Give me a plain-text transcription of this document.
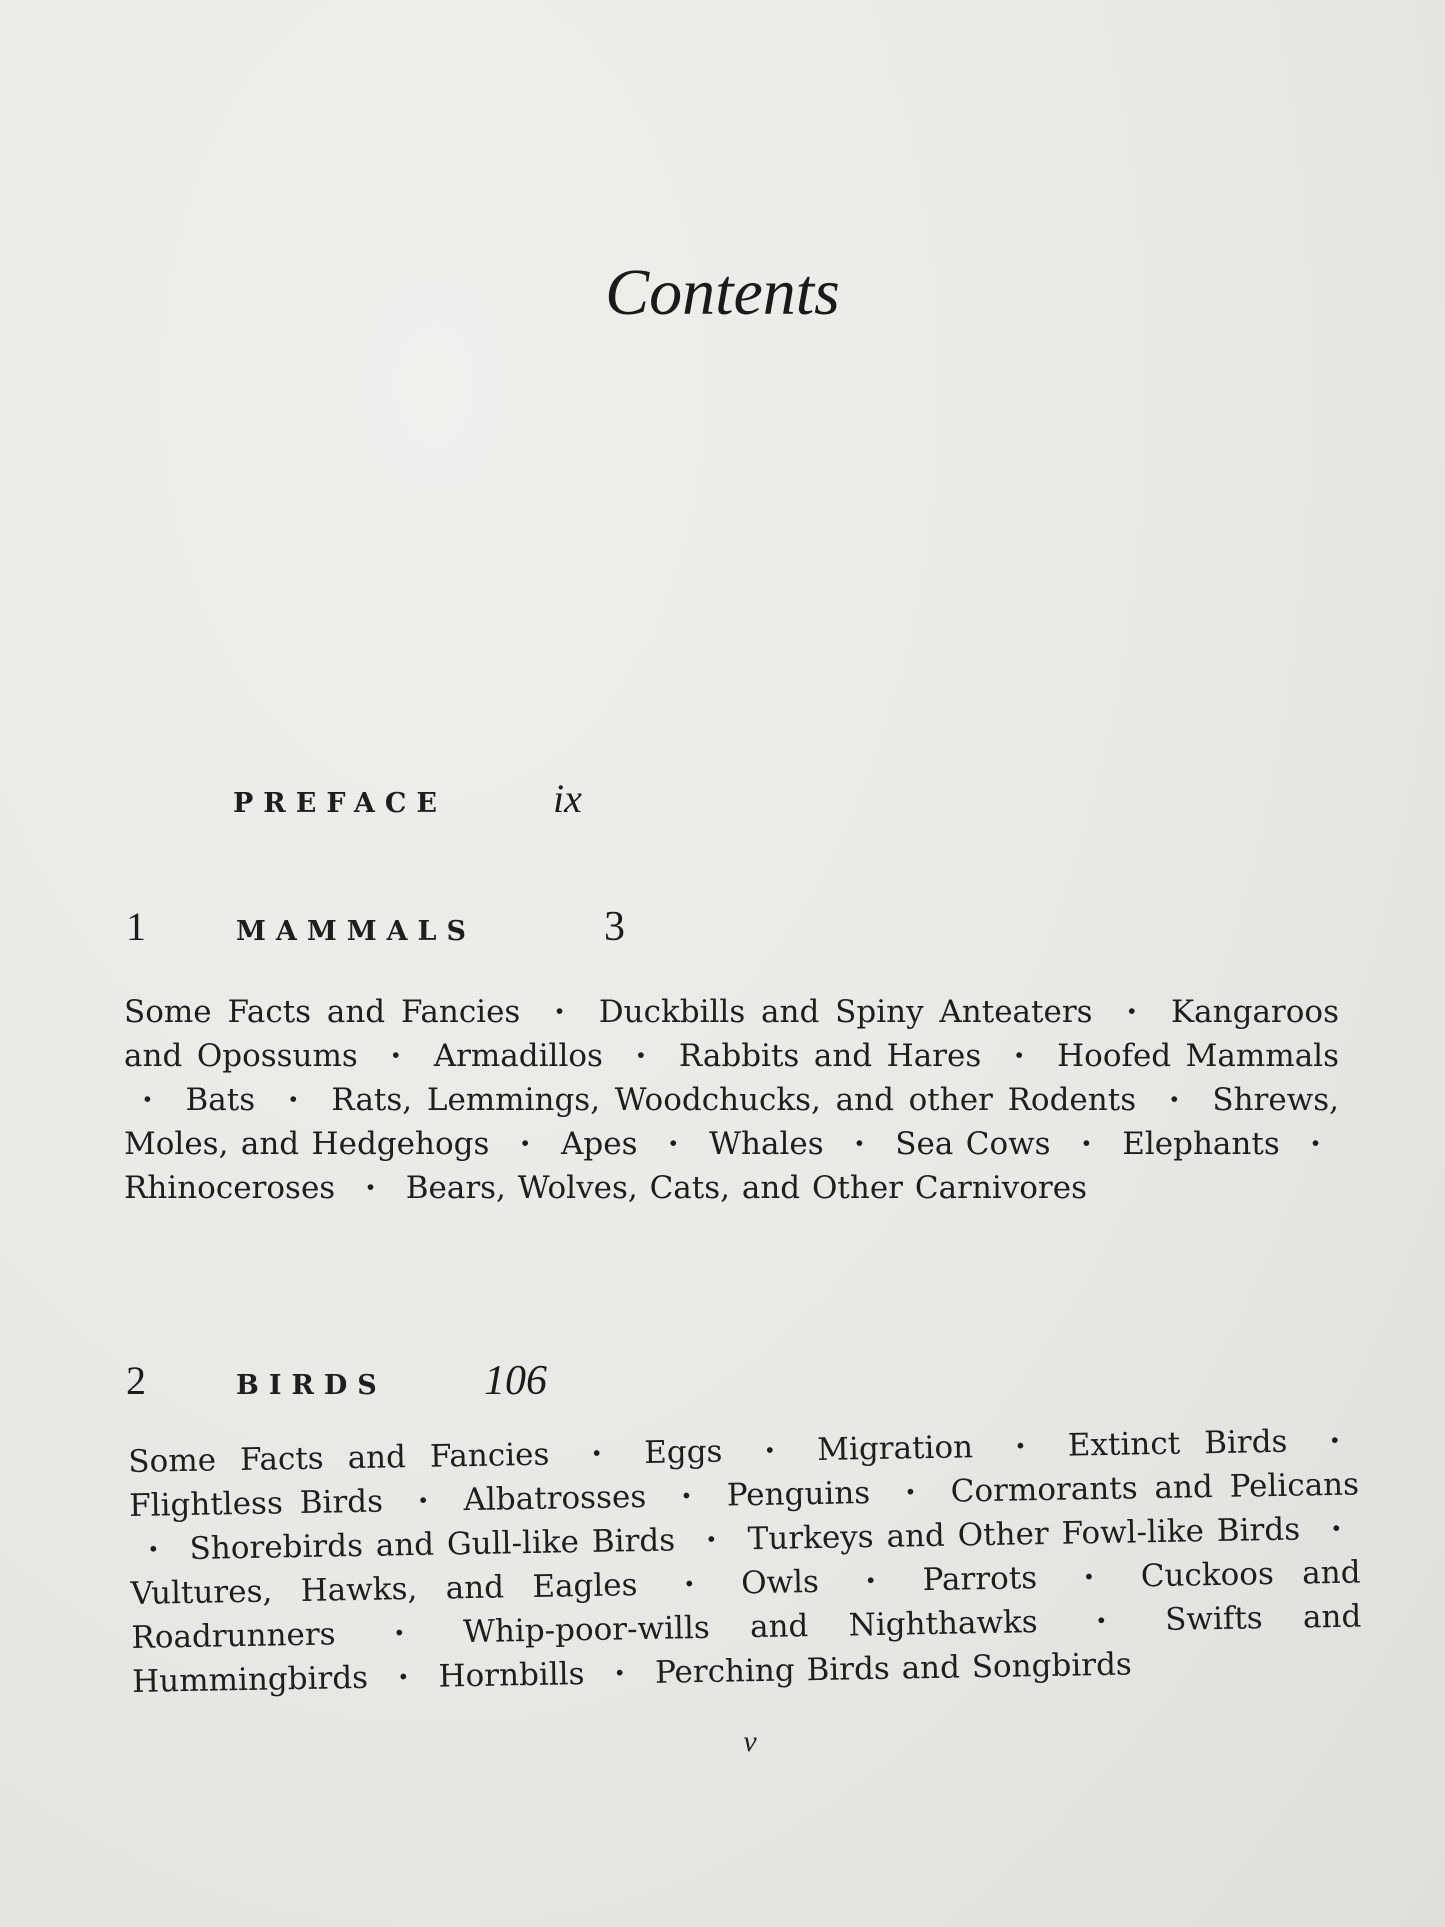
Contents
PREFACE	ix
1	MAMMALS	3
Some Facts and Fancies · Duckbills and Spiny Anteaters · Kangaroos and Opossums · Armadillos · Rabbits and Hares · Hoofed Mammals · Bats · Rats, Lemmings, Woodchucks, and other Rodents · Shrews, Moles, and Hedgehogs · Apes · Whales · Sea Cows · Elephants · Rhinoceroses · Bears, Wolves, Cats, and Other Carnivores
2	BIRDS	106
Some Facts and Fancies · Eggs · Migration · Extinct Birds · Flightless Birds · Albatrosses · Penguins · Cormorants and Pelicans · Shorebirds and Gull-like Birds · Turkeys and Other Fowl-like Birds · Vultures, Hawks, and Eagles · Owls · Parrots · Cuckoos and Roadrunners · Whip-poor-wills and Nighthawks · Swifts and Hummingbirds · Hornbills · Perching Birds and Songbirds
v
